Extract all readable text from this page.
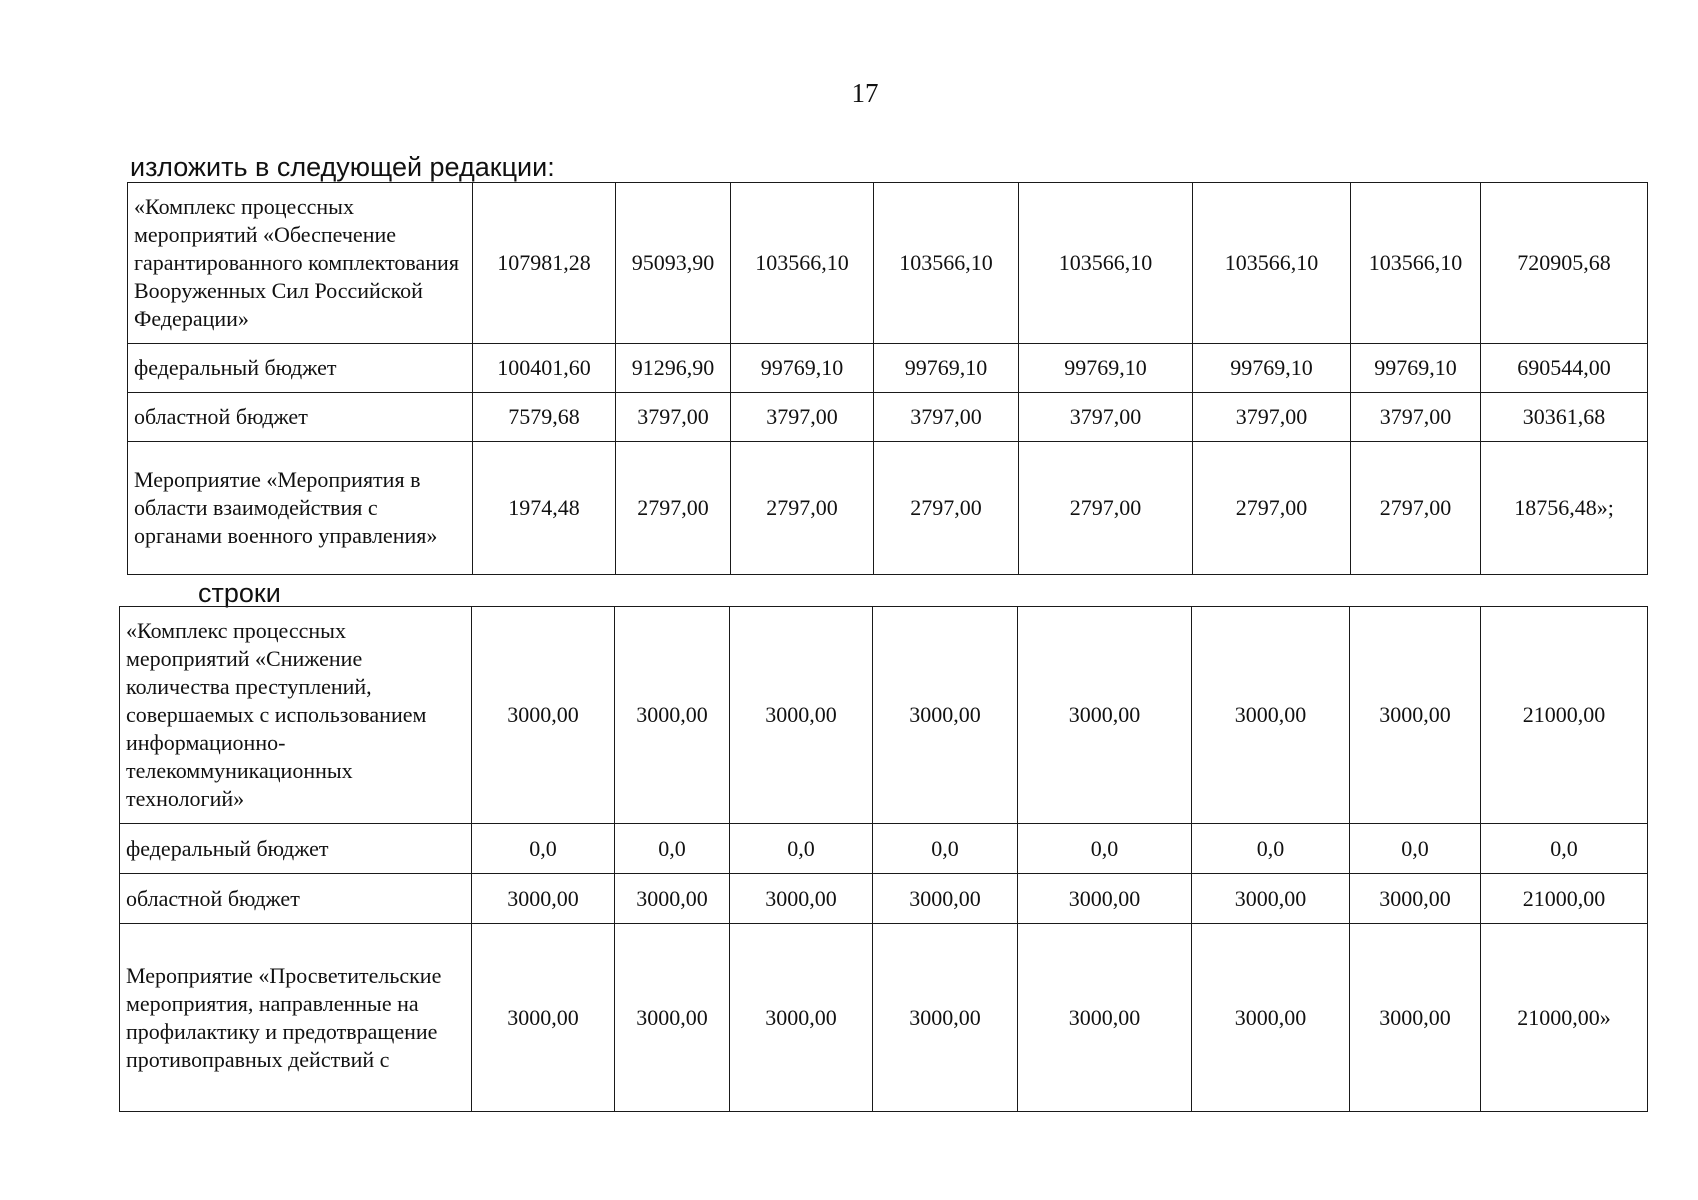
17
изложить в следующей редакции:
«Комплекс процессных мероприятий «Обеспечение гарантированного комплектования Вооруженных Сил Российской Федерации»	107981,28	95093,90	103566,10	103566,10	103566,10	103566,10	103566,10	720905,68
федеральный бюджет	100401,60	91296,90	99769,10	99769,10	99769,10	99769,10	99769,10	690544,00
областной бюджет	7579,68	3797,00	3797,00	3797,00	3797,00	3797,00	3797,00	30361,68
Мероприятие «Мероприятия в области взаимодействия с органами военного управления»	1974,48	2797,00	2797,00	2797,00	2797,00	2797,00	2797,00	18756,48»;
строки
«Комплекс процессных мероприятий «Снижение количества преступлений, совершаемых с использованием информационно-телекоммуникационных технологий»	3000,00	3000,00	3000,00	3000,00	3000,00	3000,00	3000,00	21000,00
федеральный бюджет	0,0	0,0	0,0	0,0	0,0	0,0	0,0	0,0
областной бюджет	3000,00	3000,00	3000,00	3000,00	3000,00	3000,00	3000,00	21000,00
Мероприятие «Просветительские мероприятия, направленные на профилактику и предотвращение противоправных действий с	3000,00	3000,00	3000,00	3000,00	3000,00	3000,00	3000,00	21000,00»
